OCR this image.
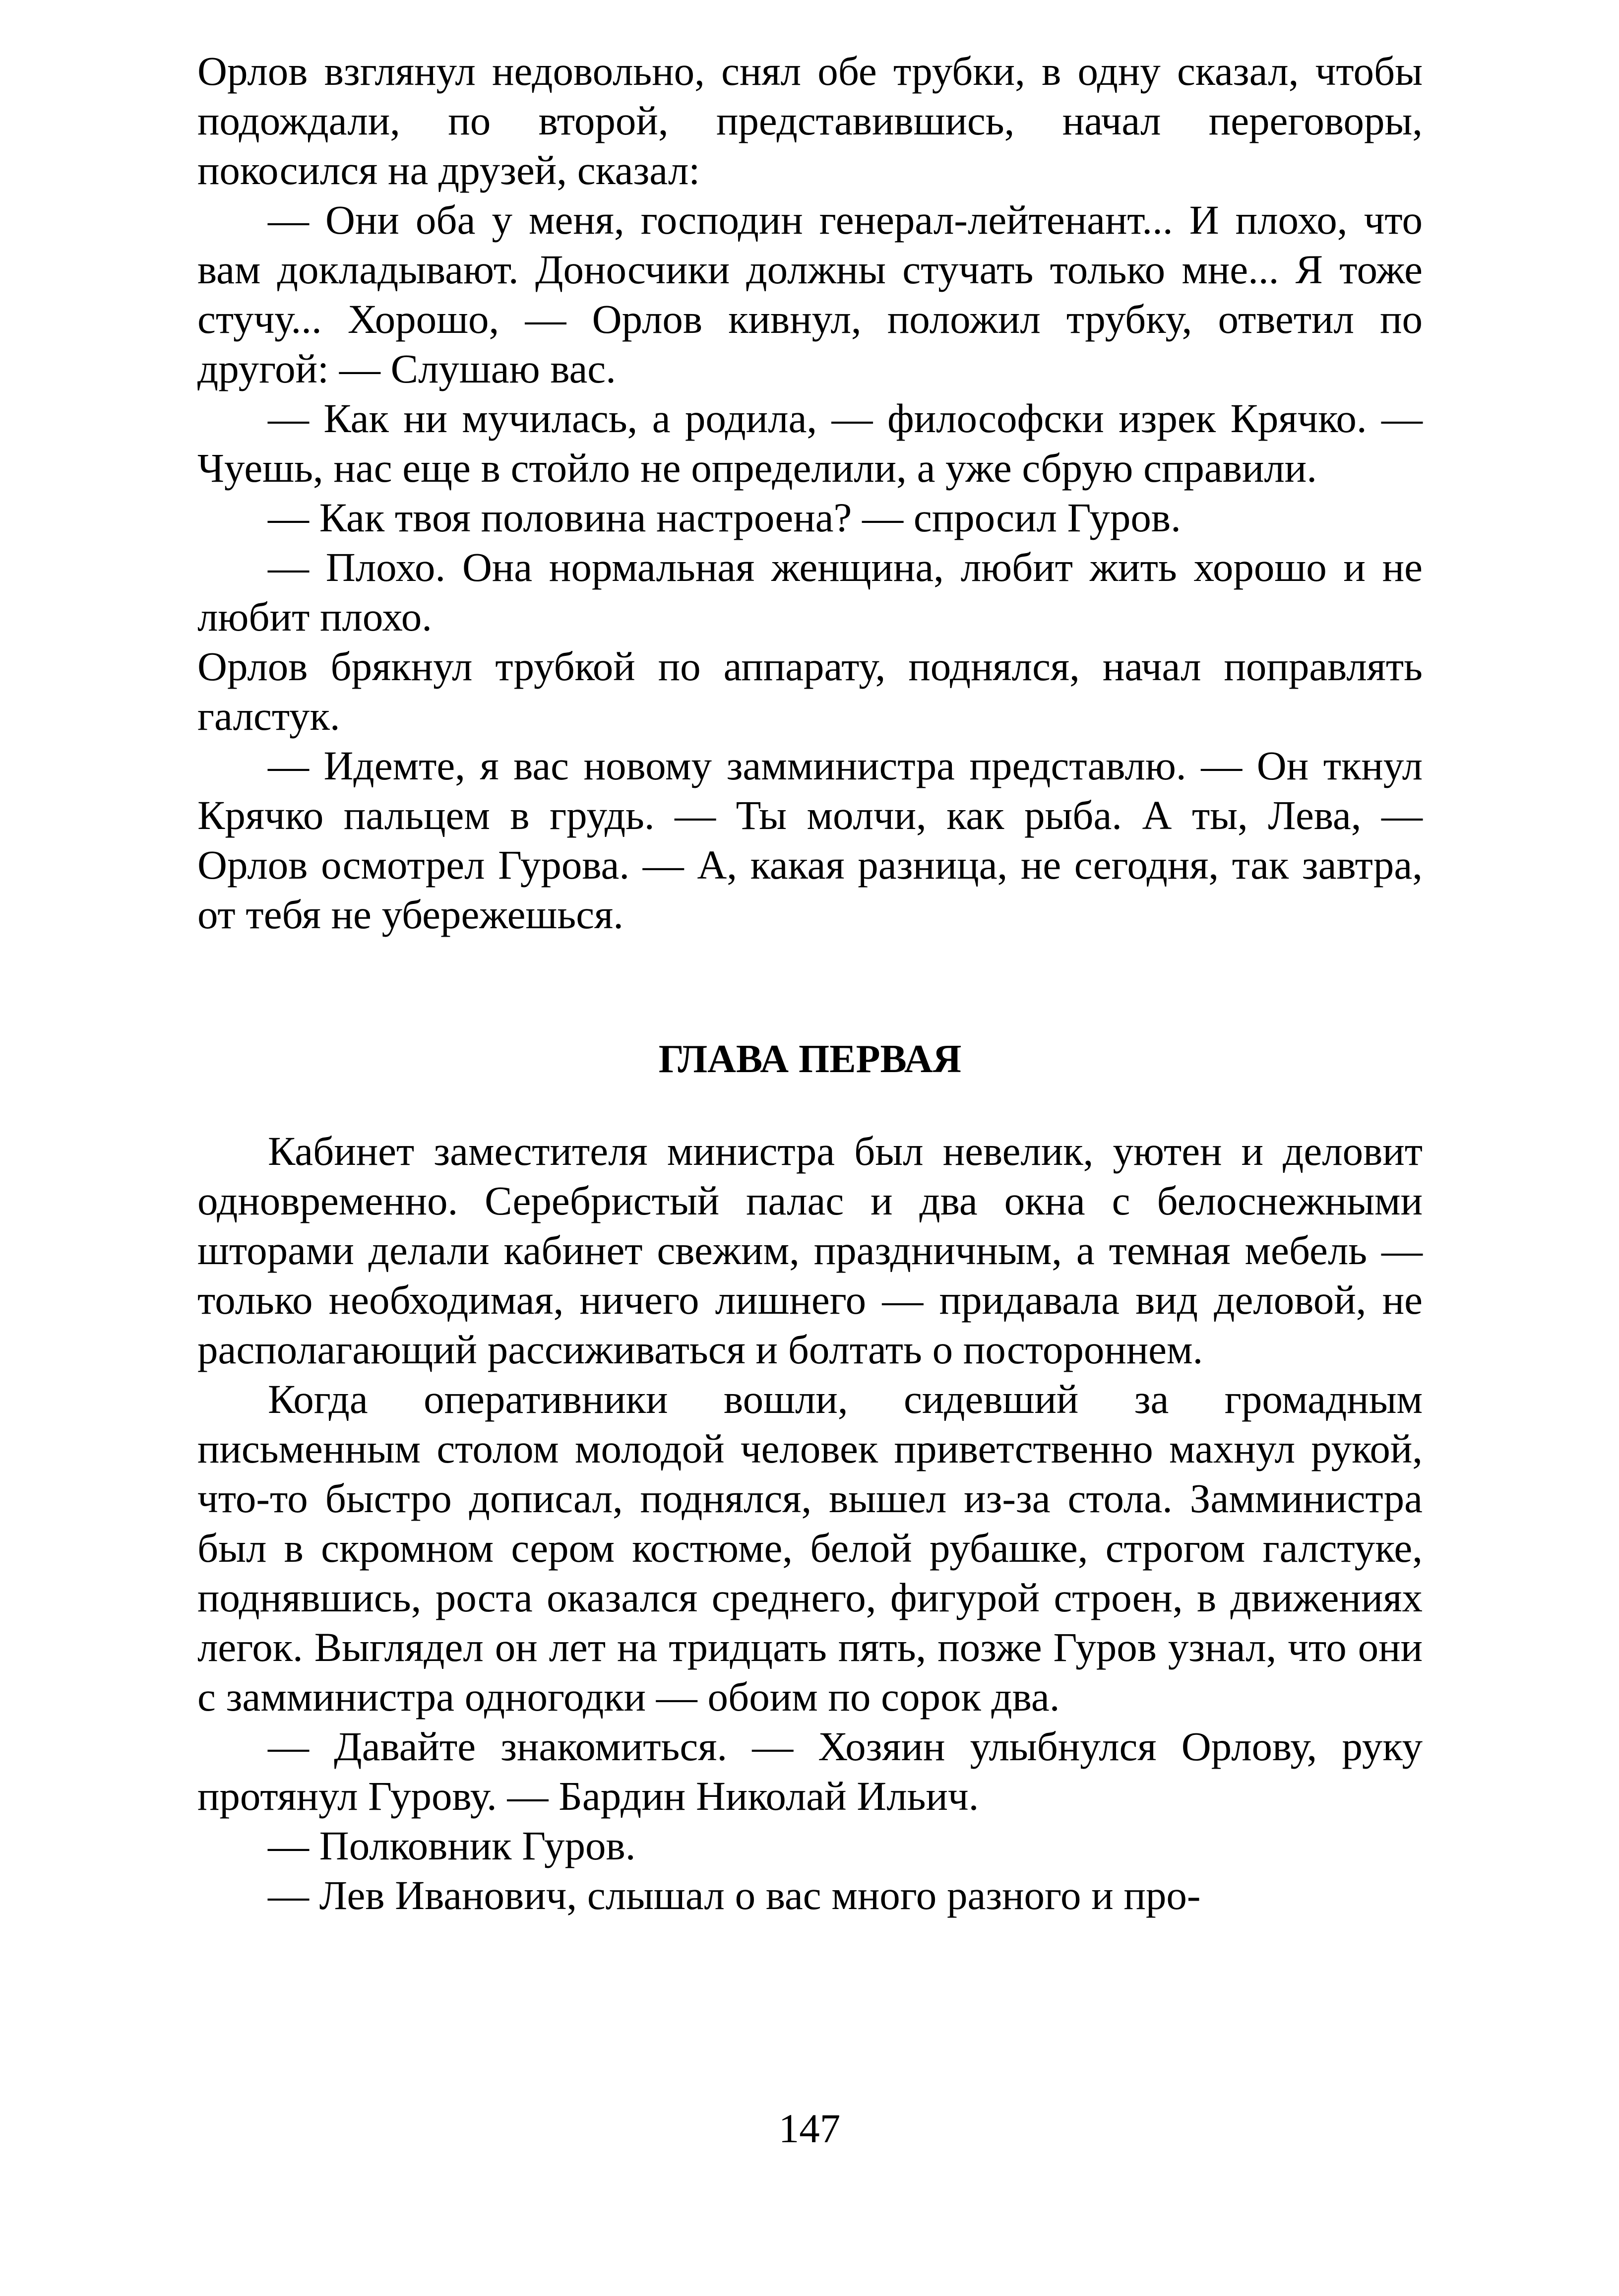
Орлов взглянул недовольно, снял обе трубки, в одну сказал, чтобы подождали, по второй, представившись, начал переговоры, покосился на друзей, сказал:

— Они оба у меня, господин генерал-лейтенант... И плохо, что вам докладывают. Доносчики должны стучать только мне... Я тоже стучу... Хорошо, — Орлов кивнул, положил трубку, ответил по другой: — Слушаю вас.

— Как ни мучилась, а родила, — философски изрек Крячко. — Чуешь, нас еще в стойло не определили, а уже сбрую справили.

— Как твоя половина настроена? — спросил Гуров.

— Плохо. Она нормальная женщина, любит жить хорошо и не любит плохо.

Орлов брякнул трубкой по аппарату, поднялся, начал поправлять галстук.

— Идемте, я вас новому замминистра представлю. — Он ткнул Крячко пальцем в грудь. — Ты молчи, как рыба. А ты, Лева, — Орлов осмотрел Гурова. — А, какая разница, не сегодня, так завтра, от тебя не убережешься.

ГЛАВА ПЕРВАЯ

Кабинет заместителя министра был невелик, уютен и деловит одновременно. Серебристый палас и два окна с белоснежными шторами делали кабинет свежим, праздничным, а темная мебель — только необходимая, ничего лишнего — придавала вид деловой, не располагающий рассиживаться и болтать о постороннем.

Когда оперативники вошли, сидевший за громадным письменным столом молодой человек приветственно махнул рукой, что-то быстро дописал, поднялся, вышел из-за стола. Замминистра был в скромном сером костюме, белой рубашке, строгом галстуке, поднявшись, роста оказался среднего, фигурой строен, в движениях легок. Выглядел он лет на тридцать пять, позже Гуров узнал, что они с замминистра одногодки — обоим по сорок два.

— Давайте знакомиться. — Хозяин улыбнулся Орлову, руку протянул Гурову. — Бардин Николай Ильич.

— Полковник Гуров.

— Лев Иванович, слышал о вас много разного и про-

147
